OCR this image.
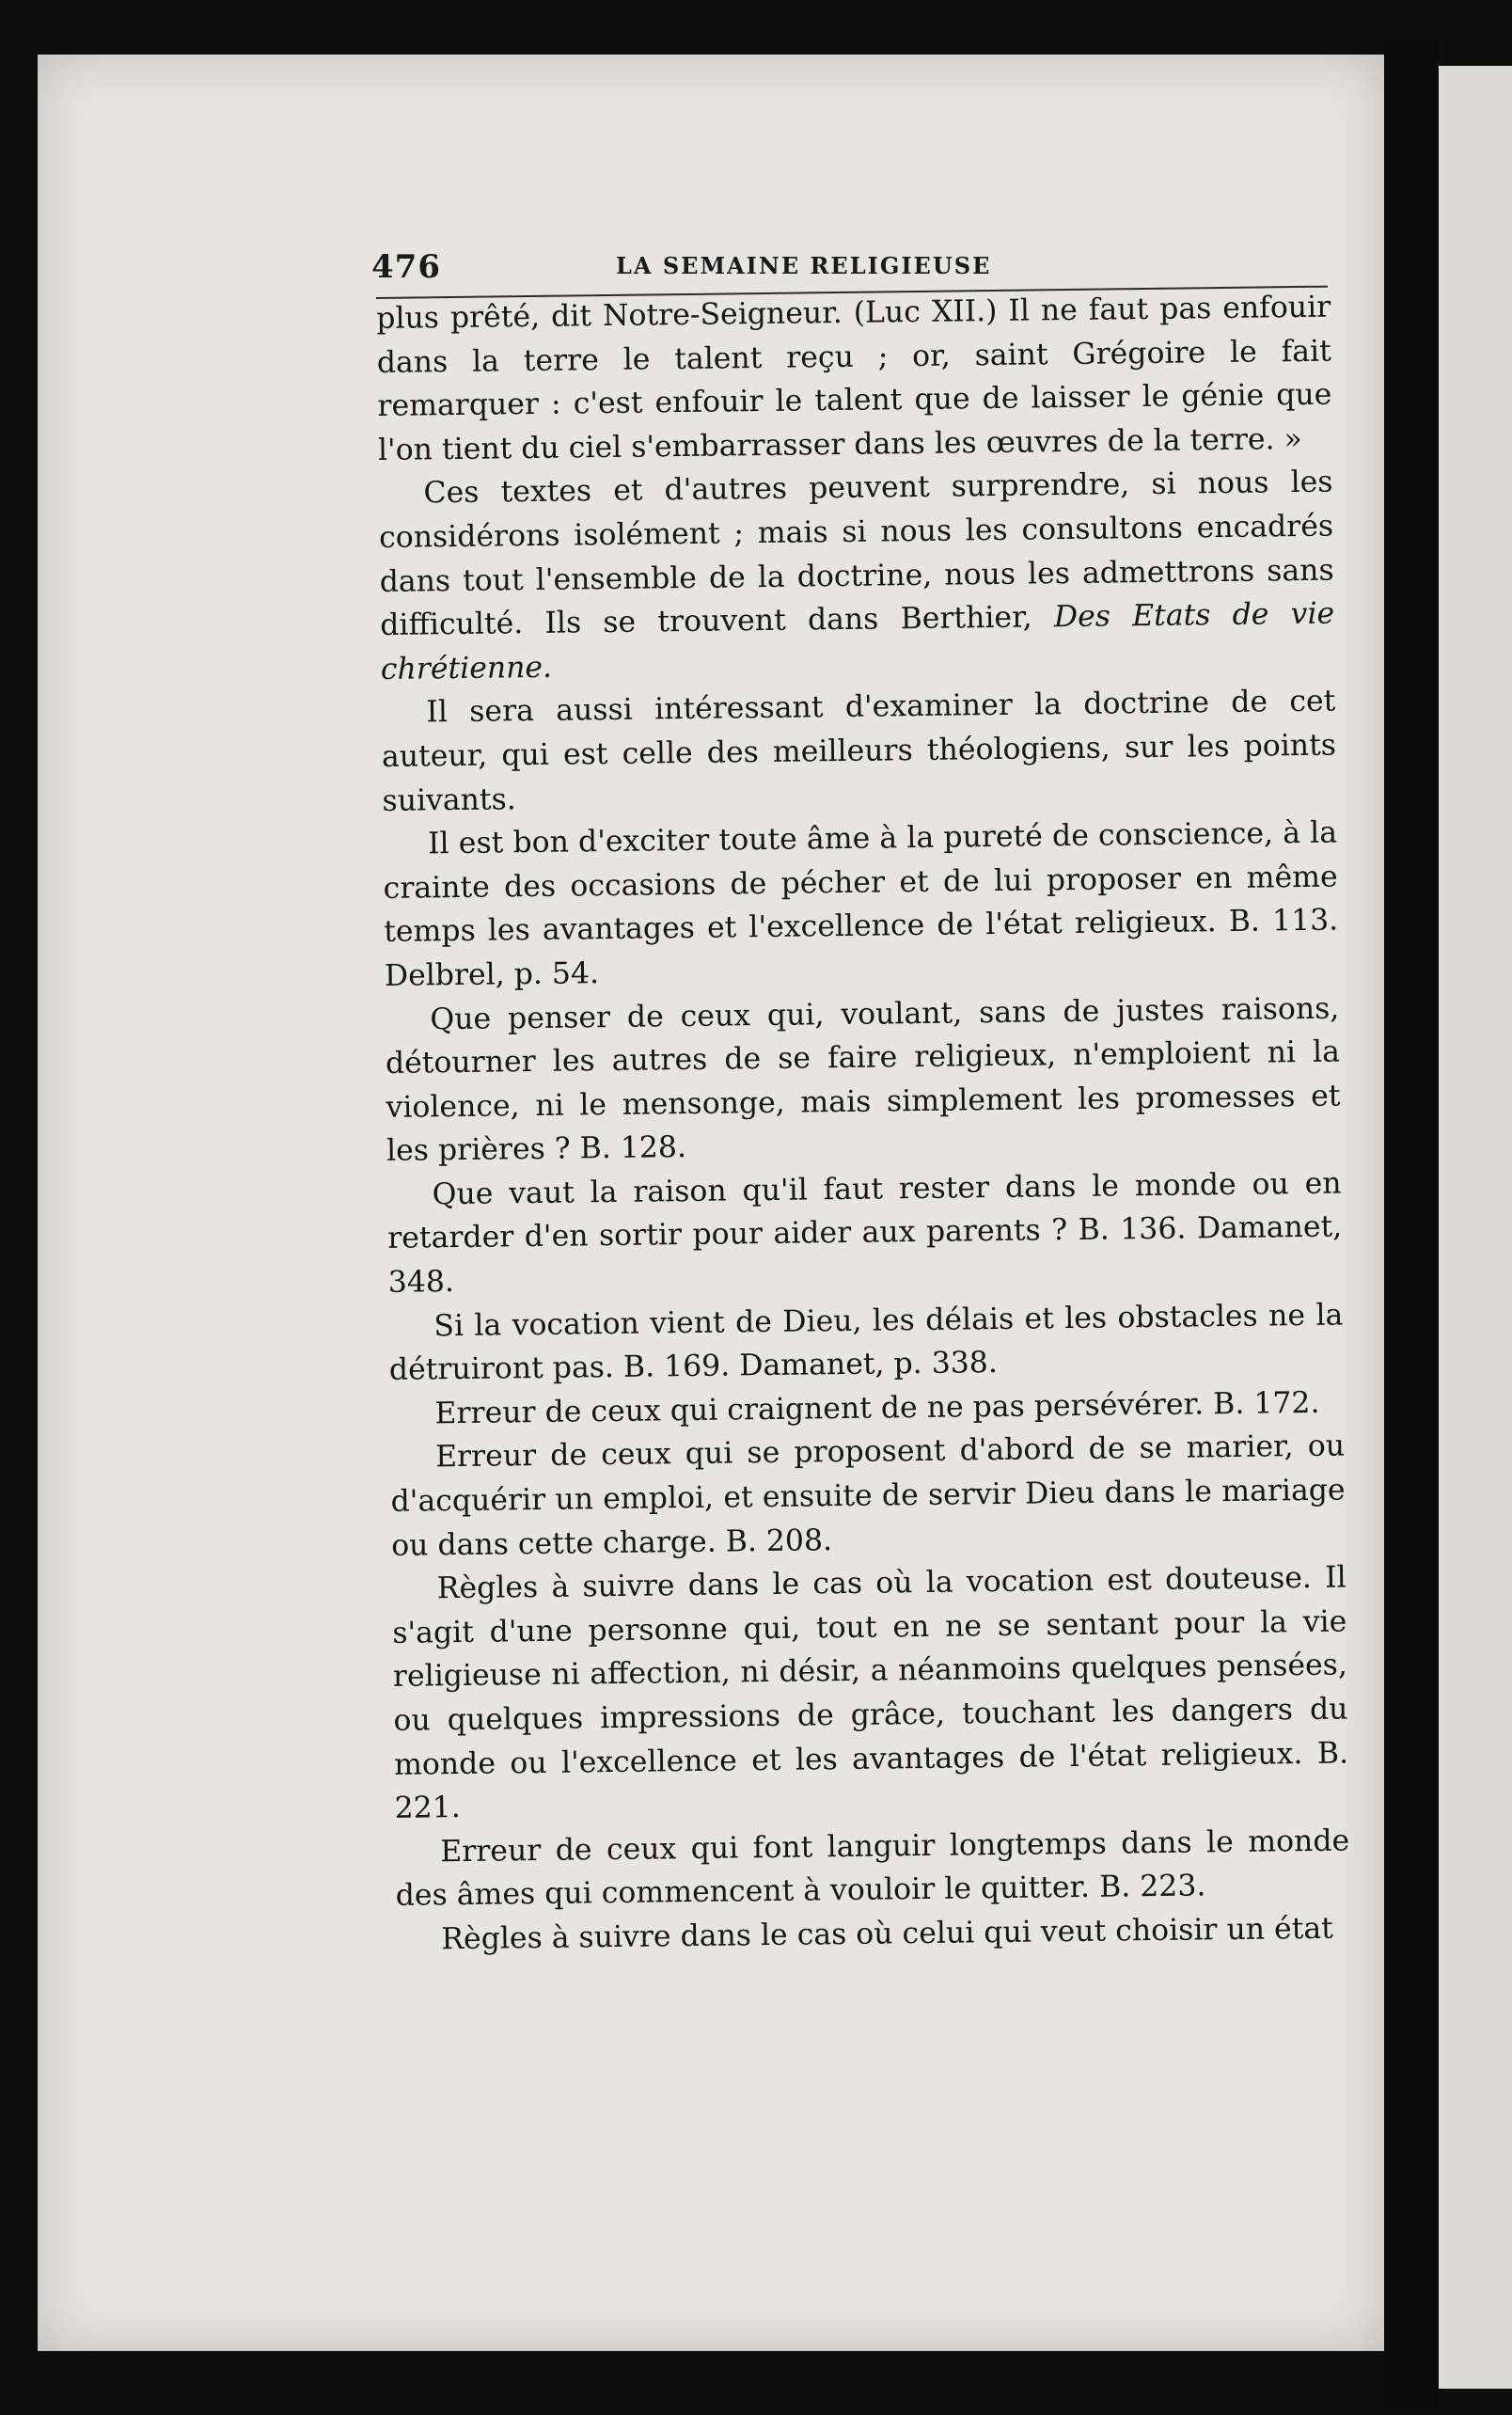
476	LA SEMAINE RELIGIEUSE

plus prêté, dit Notre-Seigneur. (Luc XII.) Il ne faut pas enfouir dans la terre le talent reçu ; or, saint Grégoire le fait remarquer : c'est enfouir le talent que de laisser le génie que l'on tient du ciel s'embarrasser dans les œuvres de la terre. »

Ces textes et d'autres peuvent surprendre, si nous les considérons isolément ; mais si nous les consultons encadrés dans tout l'ensemble de la doctrine, nous les admettrons sans difficulté. Ils se trouvent dans Berthier, Des Etats de vie chrétienne.

Il sera aussi intéressant d'examiner la doctrine de cet auteur, qui est celle des meilleurs théologiens, sur les points suivants.

Il est bon d'exciter toute âme à la pureté de conscience, à la crainte des occasions de pécher et de lui proposer en même temps les avantages et l'excellence de l'état religieux. B. 113. Delbrel, p. 54.

Que penser de ceux qui, voulant, sans de justes raisons, détourner les autres de se faire religieux, n'emploient ni la violence, ni le mensonge, mais simplement les promesses et les prières ? B. 128.

Que vaut la raison qu'il faut rester dans le monde ou en retarder d'en sortir pour aider aux parents ? B. 136. Damanet, 348.

Si la vocation vient de Dieu, les délais et les obstacles ne la détruiront pas. B. 169. Damanet, p. 338.

Erreur de ceux qui craignent de ne pas persévérer. B. 172.

Erreur de ceux qui se proposent d'abord de se marier, ou d'acquérir un emploi, et ensuite de servir Dieu dans le mariage ou dans cette charge. B. 208.

Règles à suivre dans le cas où la vocation est douteuse. Il s'agit d'une personne qui, tout en ne se sentant pour la vie religieuse ni affection, ni désir, a néanmoins quelques pensées, ou quelques impressions de grâce, touchant les dangers du monde ou l'excellence et les avantages de l'état religieux. B. 221.

Erreur de ceux qui font languir longtemps dans le monde des âmes qui commencent à vouloir le quitter. B. 223.

Règles à suivre dans le cas où celui qui veut choisir un état
